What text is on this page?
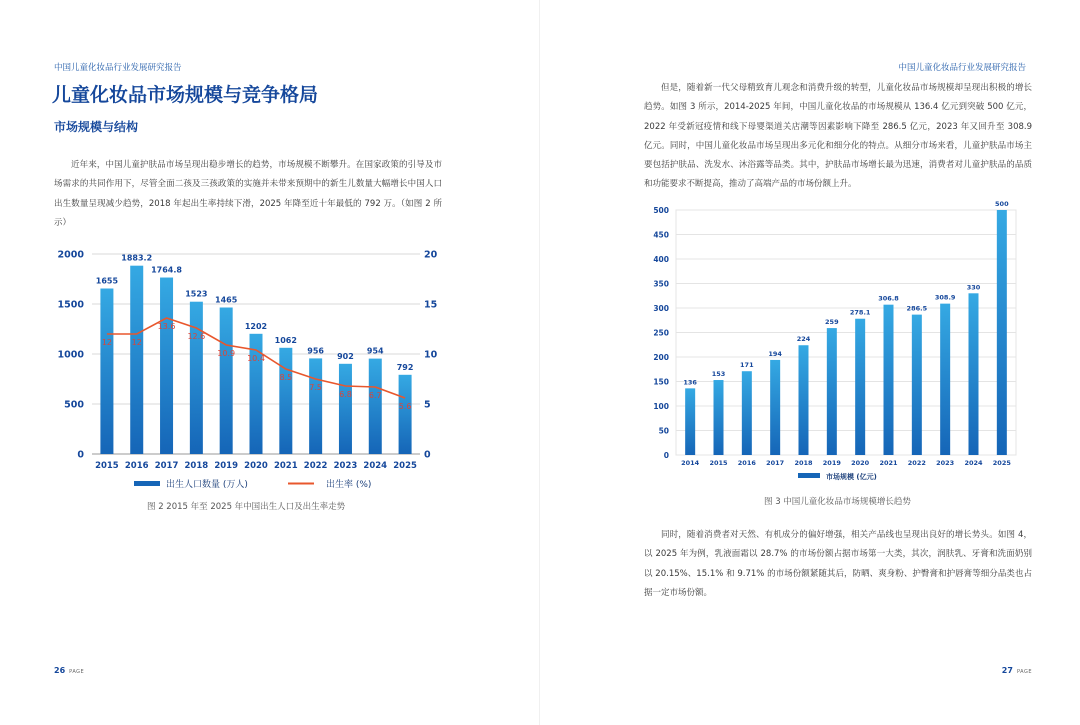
中国儿童化妆品行业发展研究报告
儿童化妆品市场规模与竞争格局
市场规模与结构

近年来，中国儿童护肤品市场呈现出稳步增长的趋势，市场规模不断攀升。在国家政策的引导及市场需求的共同作用下，尽管全面二孩及三孩政策的实施并未带来预期中的新生儿数量大幅增长中国人口出生数量呈现减少趋势，2018 年起出生率持续下滑，2025 年降至近十年最低的 792 万。（如图 2 所示）

0
500
1000
1500
2000
0
5
10
15
20
1655
2015
1883.2
2016
1764.8
2017
1523
2018
1465
2019
1202
2020
1062
2021
956
2022
902
2023
954
2024
792
2025
12 12
13.6
12.6
10.9
10.4
8.5
7.5
6.8 6.7
5.6
出生人口数量 (万人)	出生率 (%)
图 2 2015 年至 2025 年中国出生人口及出生率走势
26 PAGE
中国儿童化妆品行业发展研究报告
27 PAGE

但是，随着新一代父母精致育儿观念和消费升级的转型，儿童化妆品市场规模却呈现出积极的增长趋势。如图 3 所示，2014-2025 年间，中国儿童化妆品的市场规模从 136.4 亿元到突破 500 亿元，2022 年受新冠疫情和线下母婴渠道关店潮等因素影响下降至 286.5 亿元，2023 年又回升至 308.9 亿元。同时，中国儿童化妆品市场呈现出多元化和细分化的特点。从细分市场来看，儿童护肤品市场主要包括护肤品、洗发水、沐浴露等品类。其中，护肤品市场增长最为迅速，消费者对儿童护肤品的品质和功能要求不断提高，推动了高端产品的市场份额上升。

0
50
100
150
200
250
300
350
400
450
500
136
2014
153
2015
171
2016
194
2017
224
2018
259
2019
278.1
2020
306.8
2021
286.5
2022
308.9
2023
330
2024
500
2025
市场规模 (亿元)
图 3 中国儿童化妆品市场规模增长趋势

同时，随着消费者对天然、有机成分的偏好增强，相关产品线也呈现出良好的增长势头。如图 4，以 2025 年为例，乳液面霜以 28.7% 的市场份额占据市场第一大类，其次，润肤乳、牙膏和洗面奶别以 20.15%、15.1% 和 9.71% 的市场份额紧随其后，防晒、爽身粉、护臀膏和护唇膏等细分品类也占据一定市场份额。
